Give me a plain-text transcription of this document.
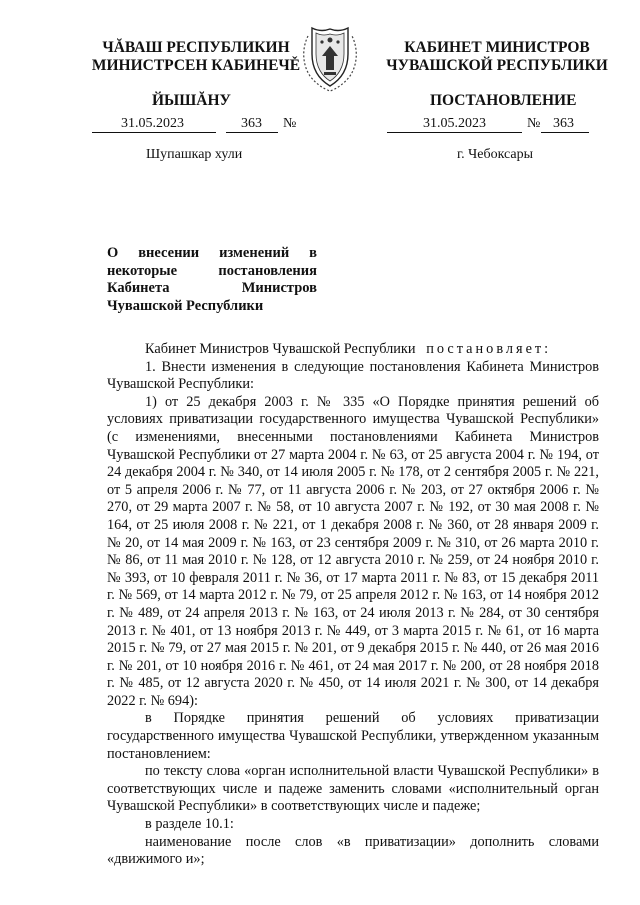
ЧĂВАШ РЕСПУБЛИКИН
МИНИСТРСЕН КАБИНЕЧĚ
ЙЫШĂНУ
КАБИНЕТ МИНИСТРОВ
ЧУВАШСКОЙ РЕСПУБЛИКИ
ПОСТАНОВЛЕНИЕ
31.05.2023	363 №	31.05.2023	№ 363
Шупашкар хули	г. Чебоксары
О внесении изменений в некоторые постановления Кабинета Министров Чувашской Республики

Кабинет Министров Чувашской Республики постановляет:

1. Внести изменения в следующие постановления Кабинета Министров Чувашской Республики:

1) от 25 декабря 2003 г. № 335 «О Порядке принятия решений об условиях приватизации государственного имущества Чувашской Республики» (с изменениями, внесенными постановлениями Кабинета Министров Чувашской Республики от 27 марта 2004 г. № 63, от 25 августа 2004 г. № 194, от 24 декабря 2004 г. № 340, от 14 июля 2005 г. № 178, от 2 сентября 2005 г. № 221, от 5 апреля 2006 г. № 77, от 11 августа 2006 г. № 203, от 27 октября 2006 г. № 270, от 29 марта 2007 г. № 58, от 10 августа 2007 г. № 192, от 30 мая 2008 г. № 164, от 25 июля 2008 г. № 221, от 1 декабря 2008 г. № 360, от 28 января 2009 г. № 20, от 14 мая 2009 г. № 163, от 23 сентября 2009 г. № 310, от 26 марта 2010 г. № 86, от 11 мая 2010 г. № 128, от 12 августа 2010 г. № 259, от 24 ноября 2010 г. № 393, от 10 февраля 2011 г. № 36, от 17 марта 2011 г. № 83, от 15 декабря 2011 г. № 569, от 14 марта 2012 г. № 79, от 25 апреля 2012 г. № 163, от 14 ноября 2012 г. № 489, от 24 апреля 2013 г. № 163, от 24 июля 2013 г. № 284, от 30 сентября 2013 г. № 401, от 13 ноября 2013 г. № 449, от 3 марта 2015 г. № 61, от 16 марта 2015 г. № 79, от 27 мая 2015 г. № 201, от 9 декабря 2015 г. № 440, от 26 мая 2016 г. № 201, от 10 ноября 2016 г. № 461, от 24 мая 2017 г. № 200, от 28 ноября 2018 г. № 485, от 12 августа 2020 г. № 450, от 14 июля 2021 г. № 300, от 14 декабря 2022 г. № 694):

в Порядке принятия решений об условиях приватизации государственного имущества Чувашской Республики, утвержденном указанным постановлением:

по тексту слова «орган исполнительной власти Чувашской Республики» в соответствующих числе и падеже заменить словами «исполнительный орган Чувашской Республики» в соответствующих числе и падеже;

в разделе 10.1:

наименование после слов «в приватизации» дополнить словами «движимого и»;
